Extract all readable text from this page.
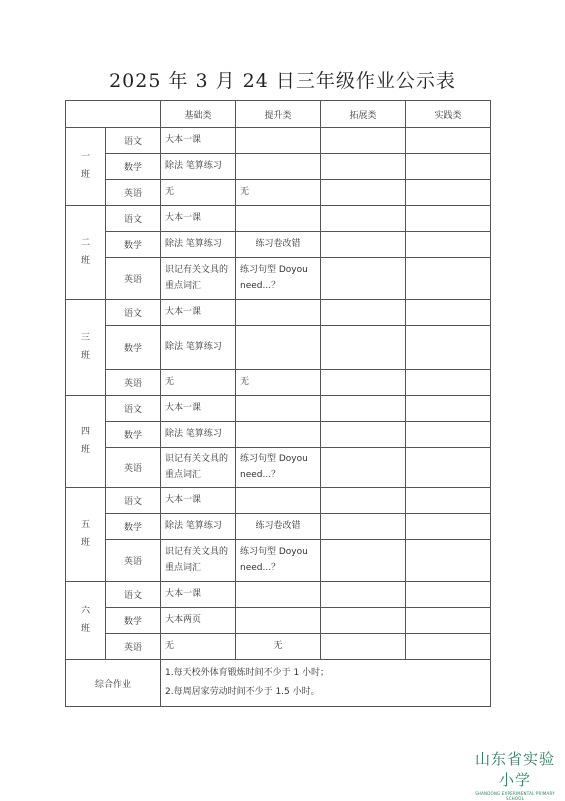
2025 年 3 月 24 日三年级作业公示表
		基础类	提升类	拓展类	实践类

一
班	语文	大本一课			
	数学	除法 笔算练习			
	英语	无	无		

二
班	语文	大本一课			
	数学	除法 笔算练习	练习卷改错		
	英语	识记有关文具的重点词汇	练习句型 Doyou need...？		

三
班	语文	大本一课			
	数学	除法 笔算练习			
	英语	无	无		

四
班	语文	大本一课			
	数学	除法 笔算练习			
	英语	识记有关文具的重点词汇	练习句型 Doyou need...？		

五
班	语文	大本一课			
	数学	除法 笔算练习	练习卷改错		
	英语	识记有关文具的重点词汇	练习句型 Doyou need...？		

六
班	语文	大本一课			
	数学	大本两页			
	英语	无	无		
综合作业		1.每天校外体育锻炼时间不少于 1 小时；
2.每周居家劳动时间不少于 1.5 小时。			
山东省实验小学
SHANDONG EXPERIMENTAL PRIMARY SCHOOL
